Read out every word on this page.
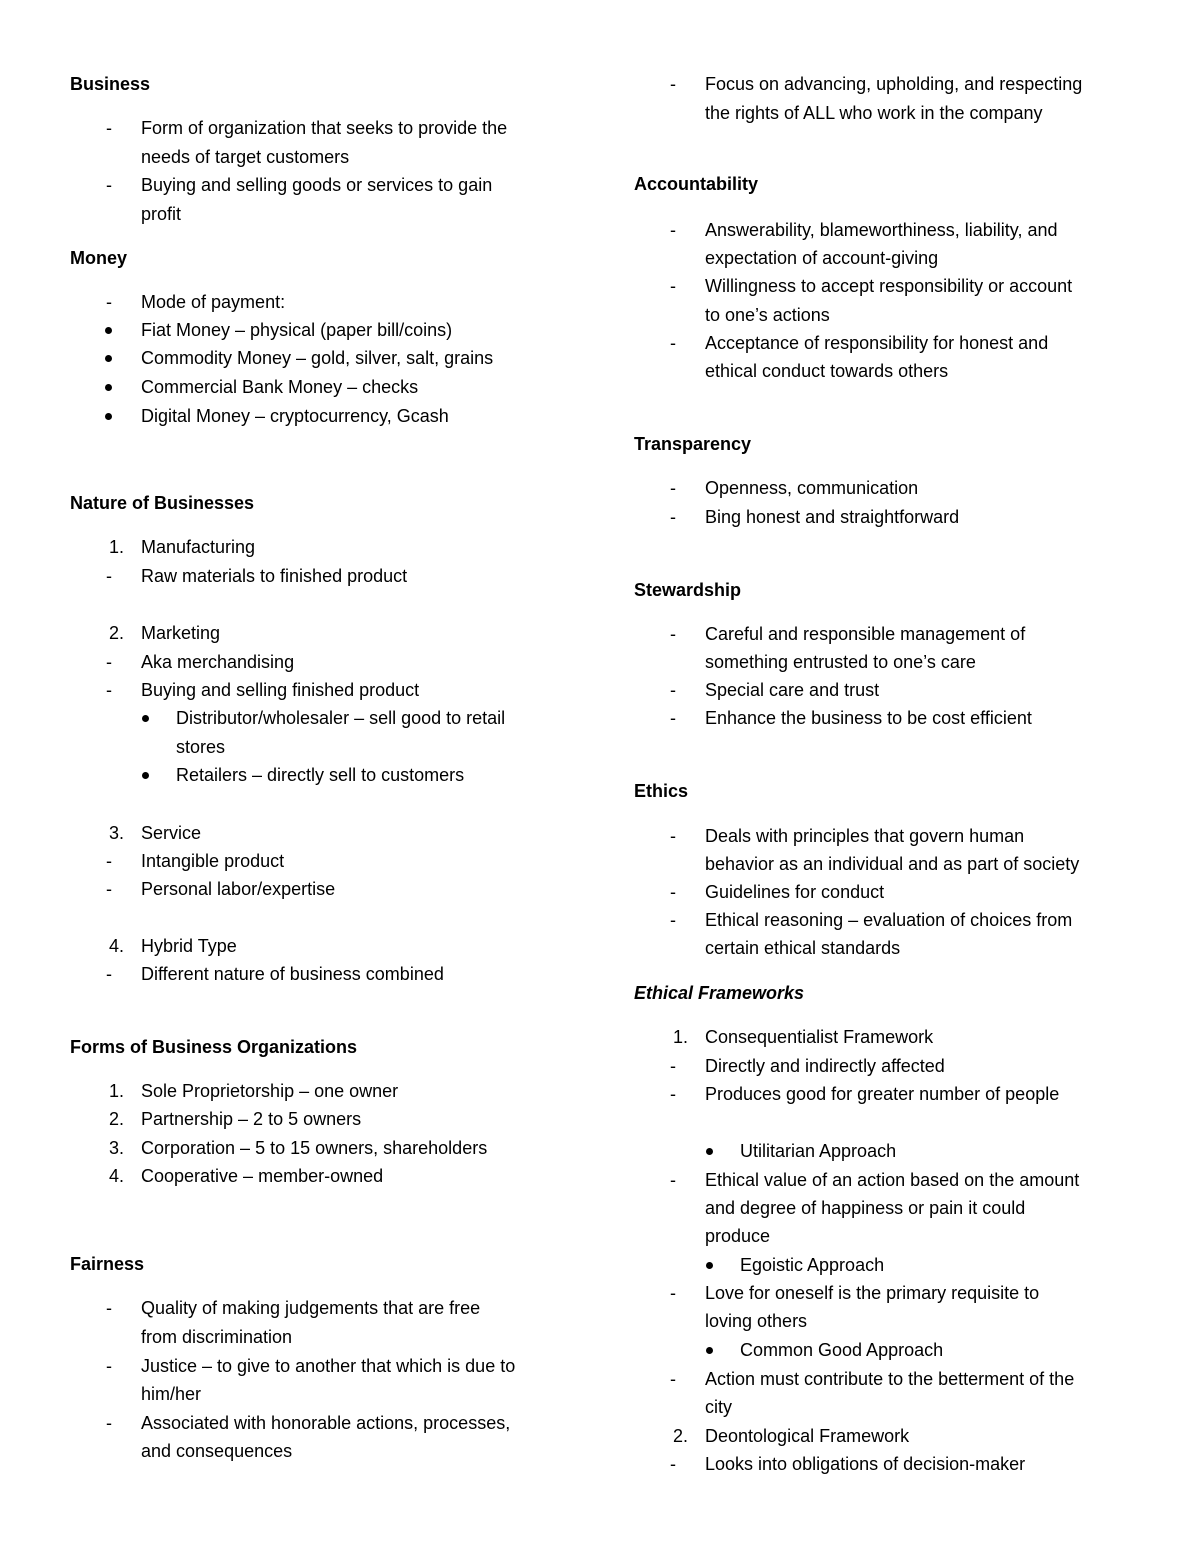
Business
- Form of organization that seeks to provide the
needs of target customers
- Buying and selling goods or services to gain
profit
Money
- Mode of payment:
Fiat Money – physical (paper bill/coins)
Commodity Money – gold, silver, salt, grains
Commercial Bank Money – checks
Digital Money – cryptocurrency, Gcash
Nature of Businesses
1. Manufacturing
- Raw materials to finished product
2. Marketing
- Aka merchandising
- Buying and selling finished product
Distributor/wholesaler – sell good to retail
stores
Retailers – directly sell to customers
3. Service
- Intangible product
- Personal labor/expertise
4. Hybrid Type
- Different nature of business combined
Forms of Business Organizations
1. Sole Proprietorship – one owner
2. Partnership – 2 to 5 owners
3. Corporation – 5 to 15 owners, shareholders
4. Cooperative – member-owned
Fairness
- Quality of making judgements that are free
from discrimination
- Justice – to give to another that which is due to
him/her
- Associated with honorable actions, processes,
and consequences
- Focus on advancing, upholding, and respecting
the rights of ALL who work in the company
Accountability
- Answerability, blameworthiness, liability, and
expectation of account-giving
- Willingness to accept responsibility or account
to one’s actions
- Acceptance of responsibility for honest and
ethical conduct towards others
Transparency
- Openness, communication
- Bing honest and straightforward
Stewardship
- Careful and responsible management of
something entrusted to one’s care
- Special care and trust
- Enhance the business to be cost efficient
Ethics
- Deals with principles that govern human
behavior as an individual and as part of society
- Guidelines for conduct
- Ethical reasoning – evaluation of choices from
certain ethical standards
Ethical Frameworks
1. Consequentialist Framework
- Directly and indirectly affected
- Produces good for greater number of people
Utilitarian Approach
- Ethical value of an action based on the amount
and degree of happiness or pain it could
produce
Egoistic Approach
- Love for oneself is the primary requisite to
loving others
Common Good Approach
- Action must contribute to the betterment of the
city
2. Deontological Framework
- Looks into obligations of decision-maker
